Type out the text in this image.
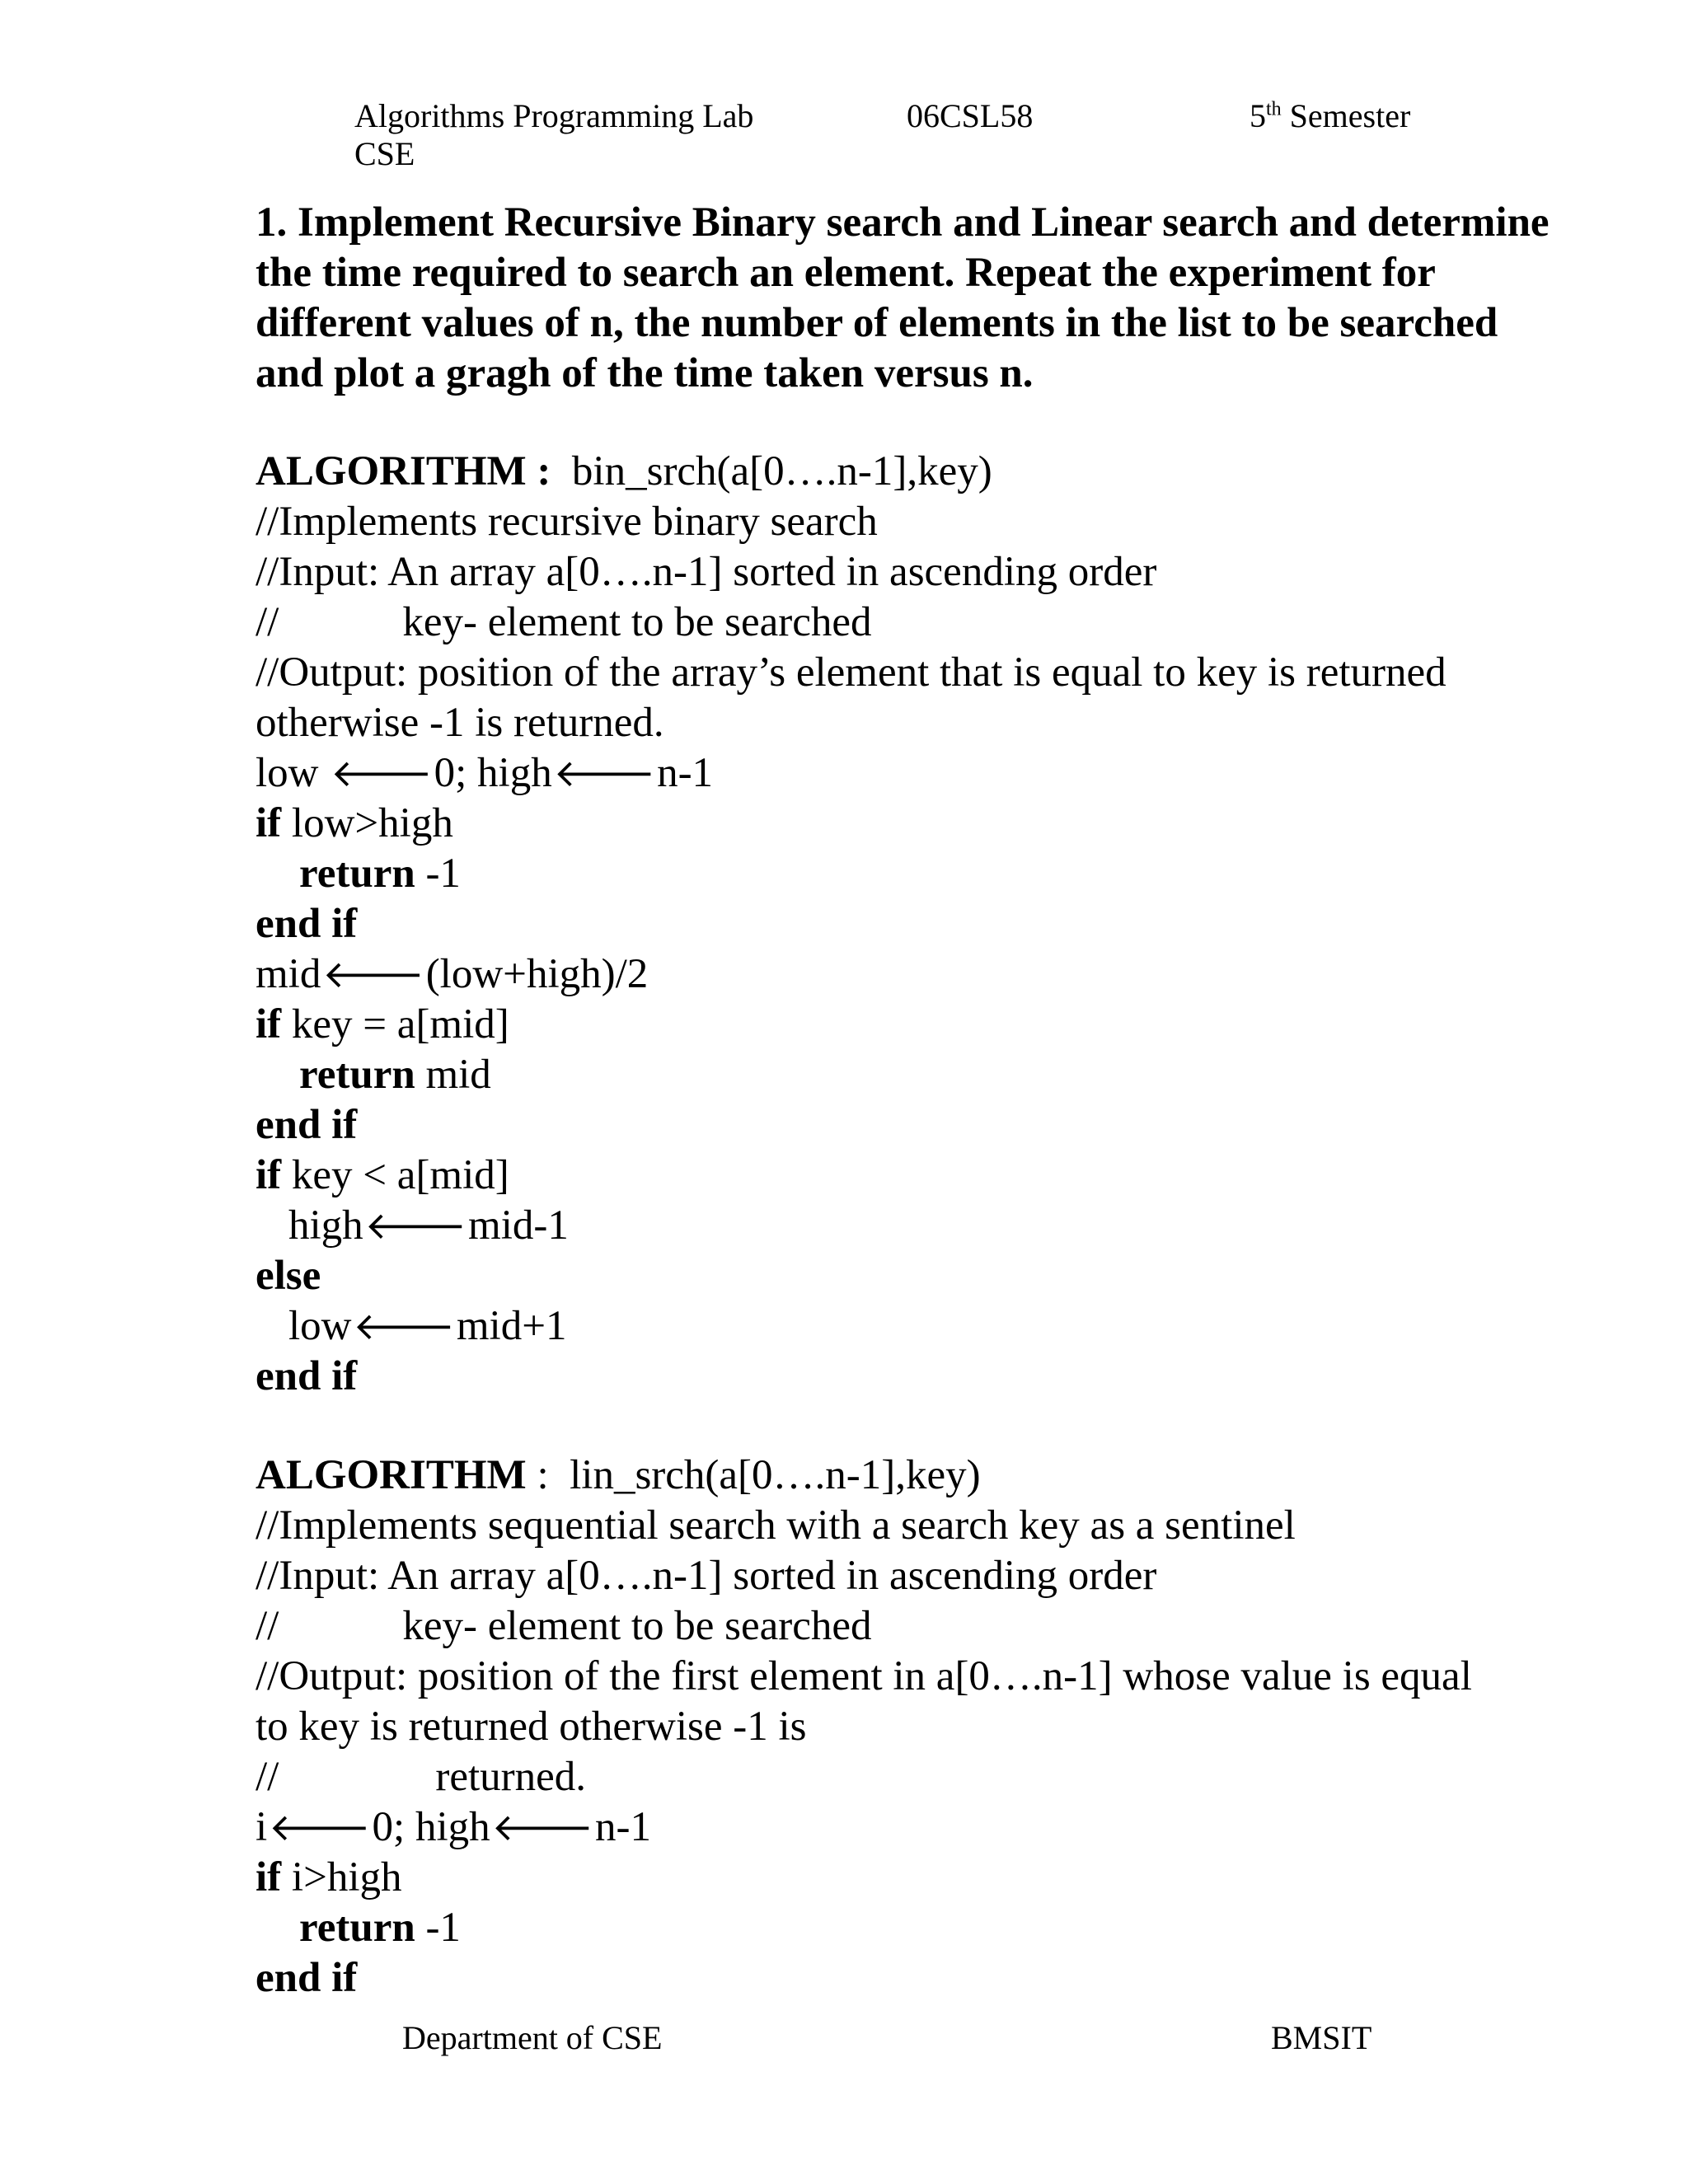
Algorithms Programming Lab	06CSL58	5th Semester
CSE
1. Implement Recursive Binary search and Linear search and determine the time required to search an element. Repeat the experiment for different values of n, the number of elements in the list to be searched and plot a gragh of the time taken versus n.
ALGORITHM : bin_srch(a[0….n-1],key)
//Implements recursive binary search
//Input: An array a[0….n-1] sorted in ascending order
//	key- element to be searched
//Output: position of the array’s element that is equal to key is returned
otherwise -1 is returned.
low 🡐0; high🡐n-1
if low>high
return -1
end if
mid🡐(low+high)/2
if key = a[mid]
return mid
end if
if key < a[mid]
high🡐mid-1
else
low🡐mid+1
end if
ALGORITHM : lin_srch(a[0….n-1],key)
//Implements sequential search with a search key as a sentinel
//Input: An array a[0….n-1] sorted in ascending order
//	key- element to be searched
//Output: position of the first element in a[0….n-1] whose value is equal
to key is returned otherwise -1 is
//	returned.
i🡐0; high🡐n-1
if i>high
return -1
end if
Department of CSE	BMSIT
